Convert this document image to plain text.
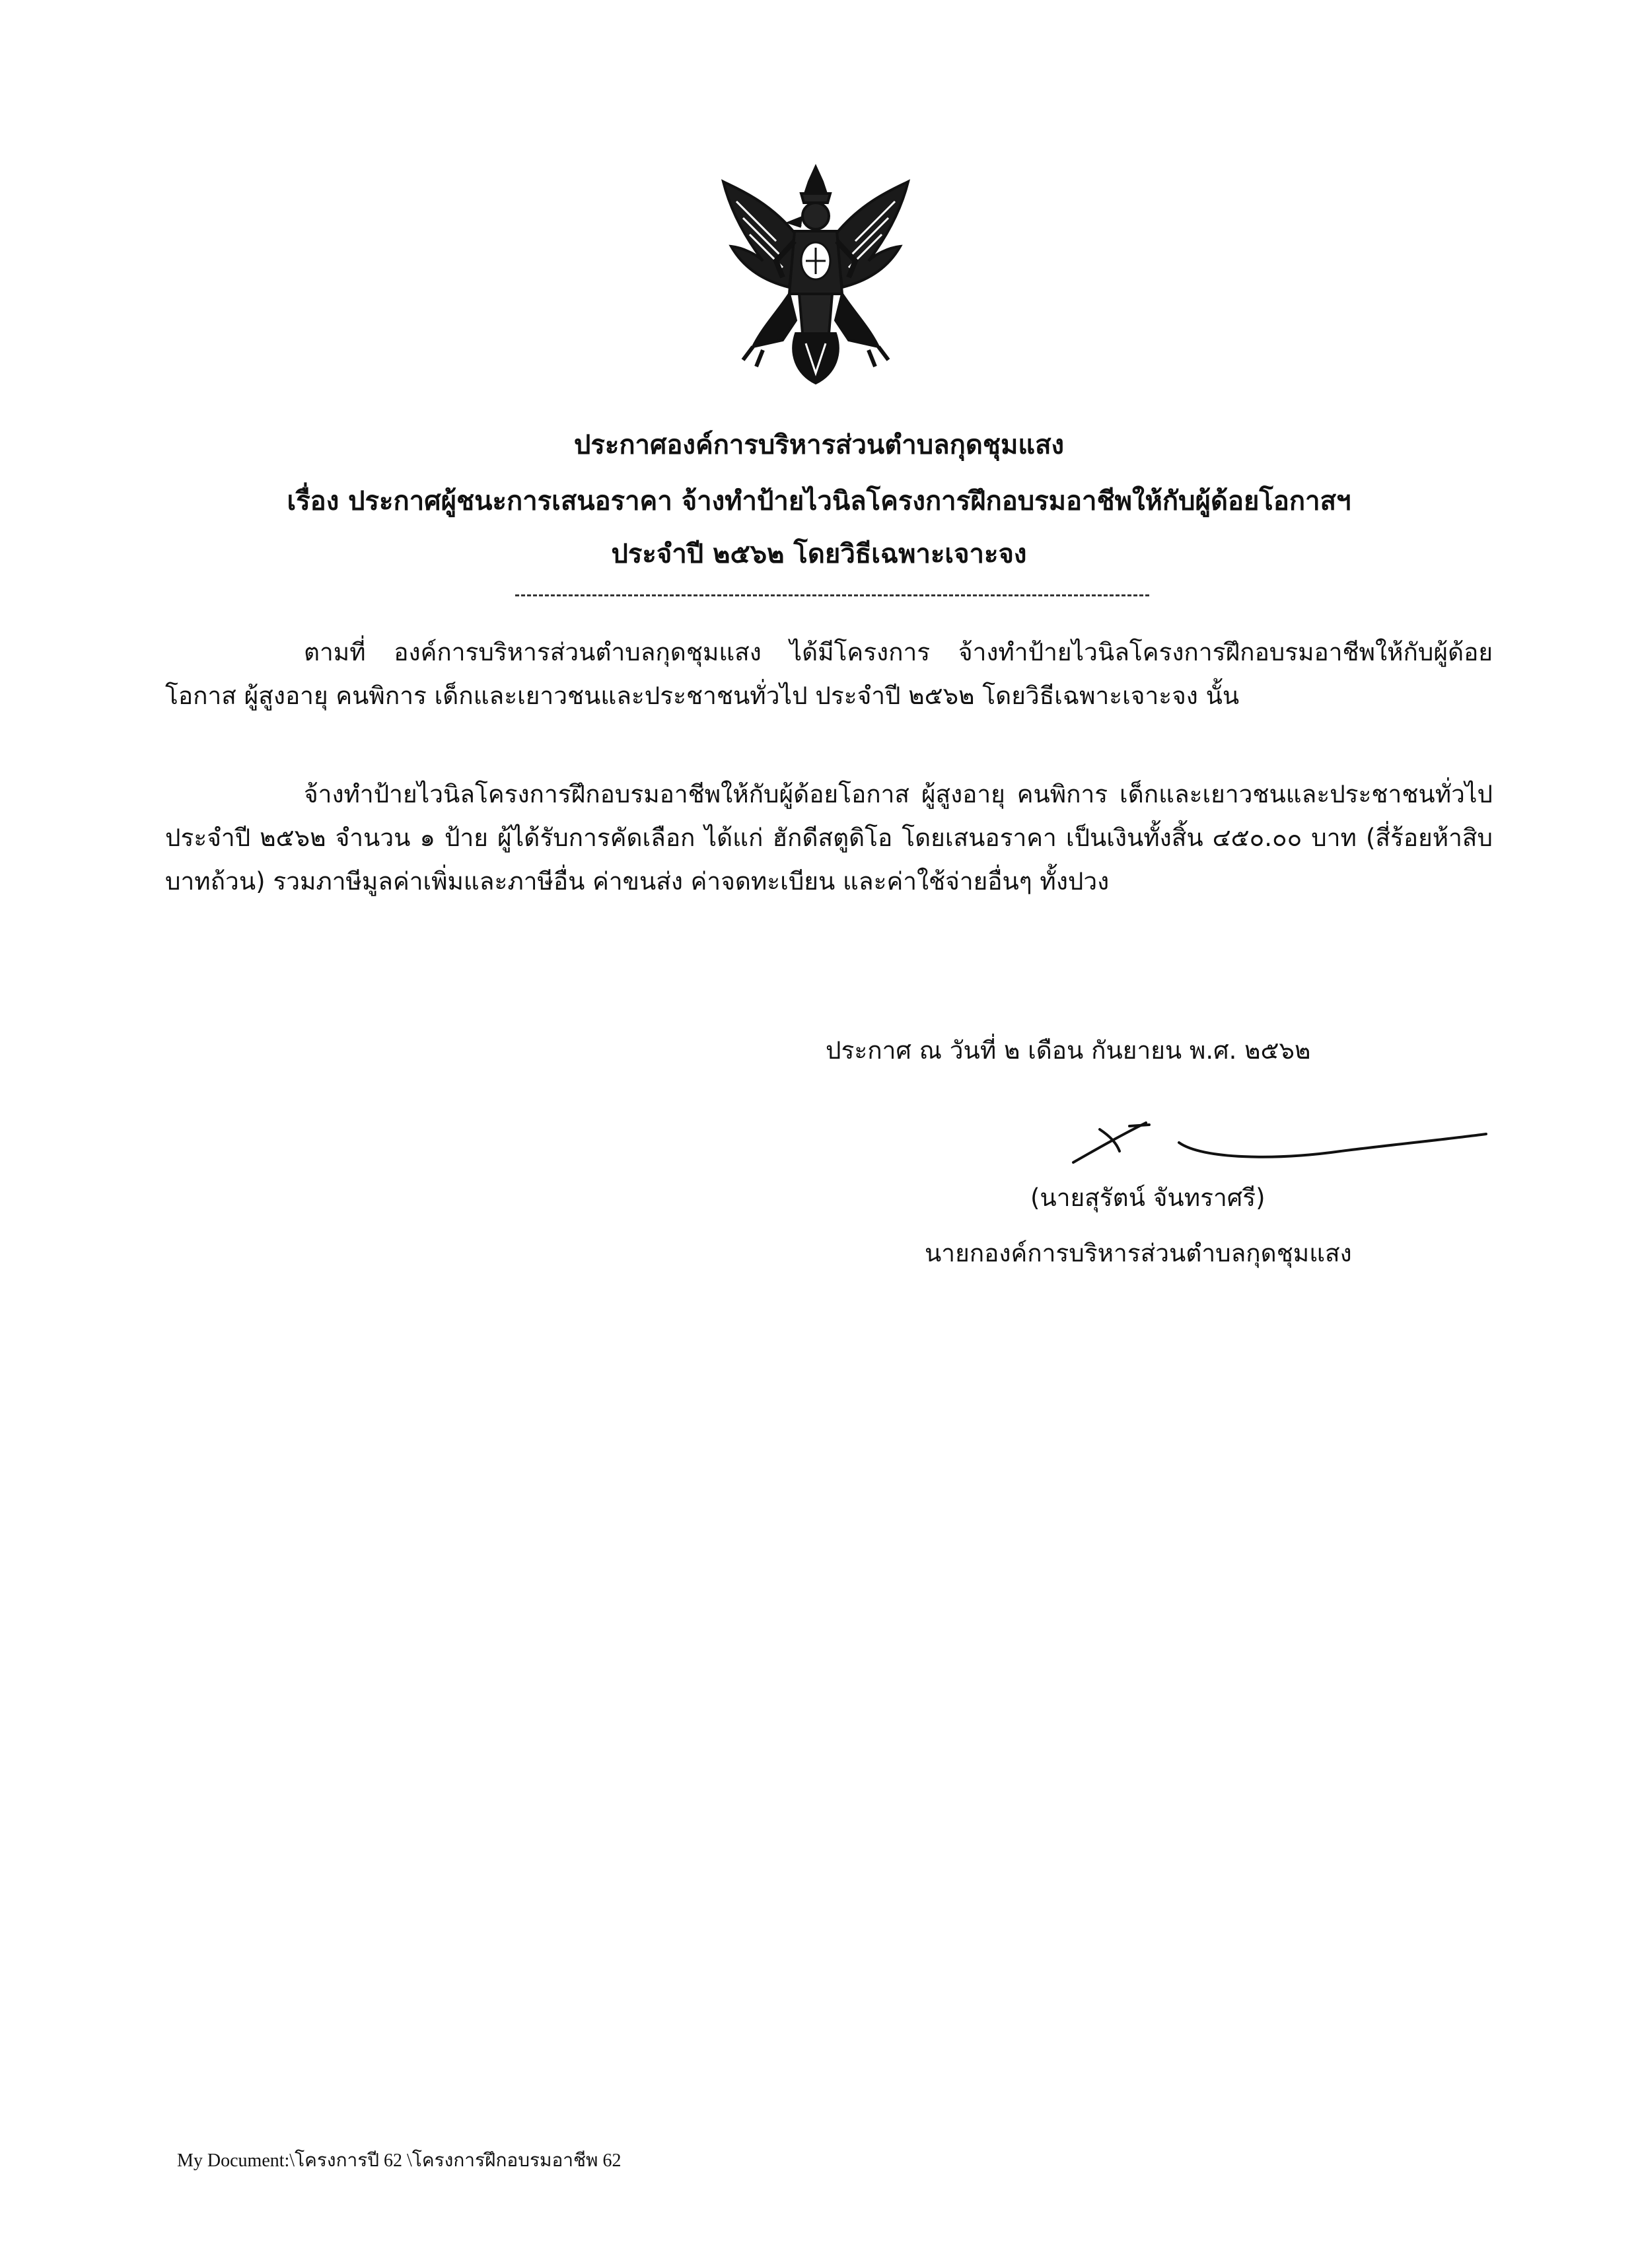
ประกาศองค์การบริหารส่วนตำบลกุดชุมแสง
เรื่อง ประกาศผู้ชนะการเสนอราคา จ้างทำป้ายไวนิลโครงการฝึกอบรมอาชีพให้กับผู้ด้อยโอกาสฯ
ประจำปี ๒๕๖๒ โดยวิธีเฉพาะเจาะจง

ตามที่ องค์การบริหารส่วนตำบลกุดชุมแสง ได้มีโครงการ จ้างทำป้ายไวนิลโครงการฝึกอบรมอาชีพให้กับผู้ด้อยโอกาส ผู้สูงอายุ คนพิการ เด็กและเยาวชนและประชาชนทั่วไป ประจำปี ๒๕๖๒ โดยวิธีเฉพาะเจาะจง นั้น

จ้างทำป้ายไวนิลโครงการฝึกอบรมอาชีพให้กับผู้ด้อยโอกาส ผู้สูงอายุ คนพิการ เด็กและเยาวชนและประชาชนทั่วไป ประจำปี ๒๕๖๒ จำนวน ๑ ป้าย ผู้ได้รับการคัดเลือก ได้แก่ ฮักดีสตูดิโอ โดยเสนอราคา เป็นเงินทั้งสิ้น ๔๕๐.๐๐ บาท (สี่ร้อยห้าสิบบาทถ้วน) รวมภาษีมูลค่าเพิ่มและภาษีอื่น ค่าขนส่ง ค่าจดทะเบียน และค่าใช้จ่ายอื่นๆ ทั้งปวง

ประกาศ ณ วันที่ ๒ เดือน กันยายน พ.ศ. ๒๕๖๒
(นายสุรัตน์ จันทราศรี)
นายกองค์การบริหารส่วนตำบลกุดชุมแสง
My Document:\โครงการปี 62 \โครงการฝึกอบรมอาชีพ 62
